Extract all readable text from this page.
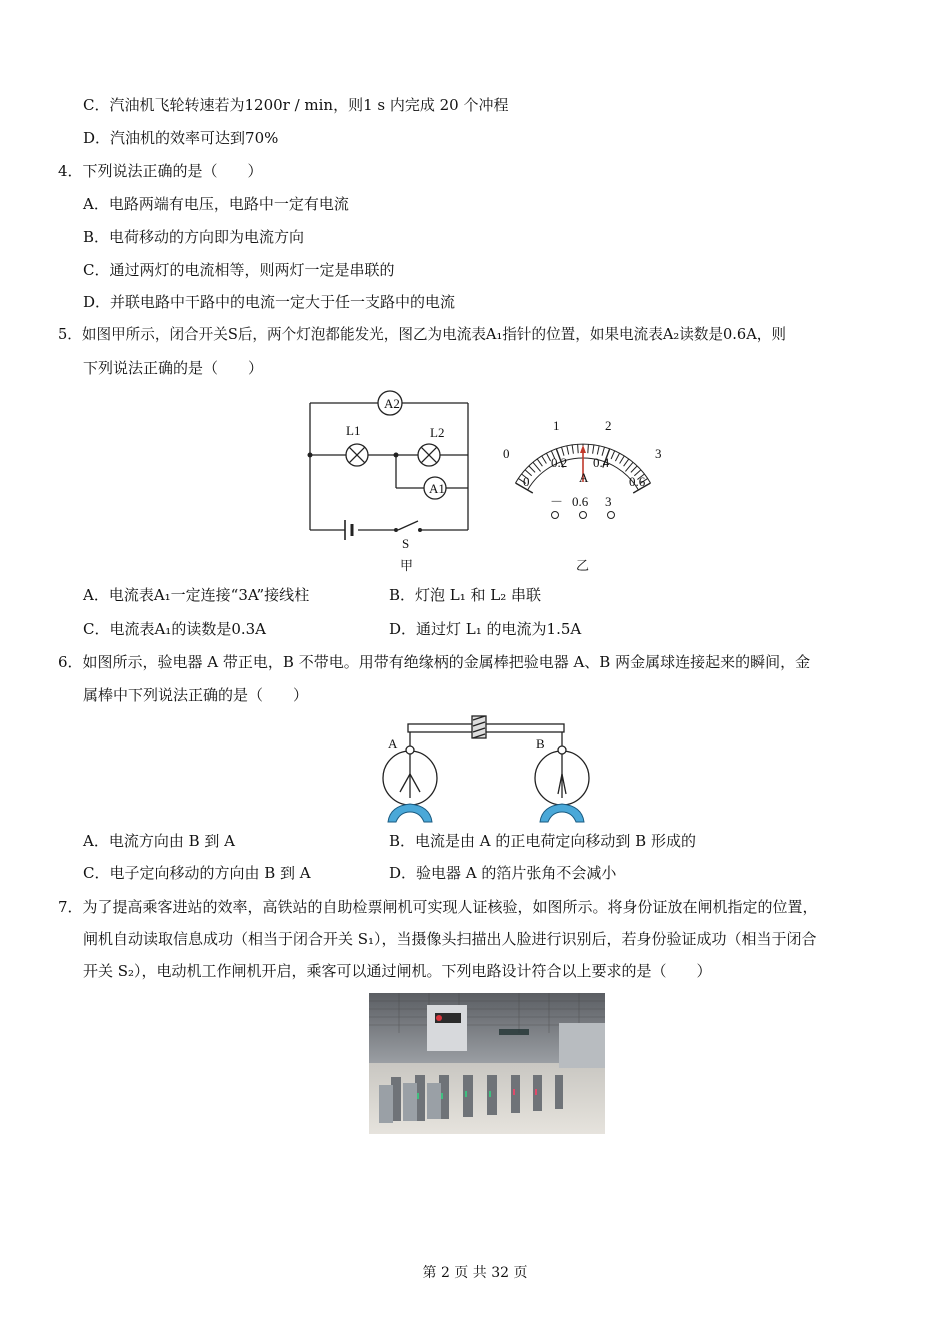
C．汽油机飞轮转速若为1200r / min，则1 s 内完成 20 个冲程
D．汽油机的效率可达到70%
4．下列说法正确的是（　　）
A．电路两端有电压，电路中一定有电流
B．电荷移动的方向即为电流方向
C．通过两灯的电流相等，则两灯一定是串联的
D．并联电路中干路中的电流一定大于任一支路中的电流
5．如图甲所示，闭合开关S后，两个灯泡都能发光，图乙为电流表A₁指针的位置，如果电流表A₂读数是0.6A，则
下列说法正确的是（　　）
A2
A1
L1	L2
S
甲
0
1	2
3
0
0.2 0.4
0.6
A
－ 0.6 3
乙
A．电流表A₁一定连接“3A”接线柱	B．灯泡 L₁ 和 L₂ 串联
C．电流表A₁的读数是0.3A	D．通过灯 L₁ 的电流为1.5A
6．如图所示，验电器 A 带正电，B 不带电。用带有绝缘柄的金属棒把验电器 A、B 两金属球连接起来的瞬间，金
属棒中下列说法正确的是（　　）
A	B
A．电流方向由 B 到 A	B．电流是由 A 的正电荷定向移动到 B 形成的
C．电子定向移动的方向由 B 到 A	D．验电器 A 的箔片张角不会减小
7．为了提高乘客进站的效率，高铁站的自助检票闸机可实现人证核验，如图所示。将身份证放在闸机指定的位置，
闸机自动读取信息成功（相当于闭合开关 S₁），当摄像头扫描出人脸进行识别后，若身份验证成功（相当于闭合
开关 S₂），电动机工作闸机开启，乘客可以通过闸机。下列电路设计符合以上要求的是（　　）
第 2 页 共 32 页
